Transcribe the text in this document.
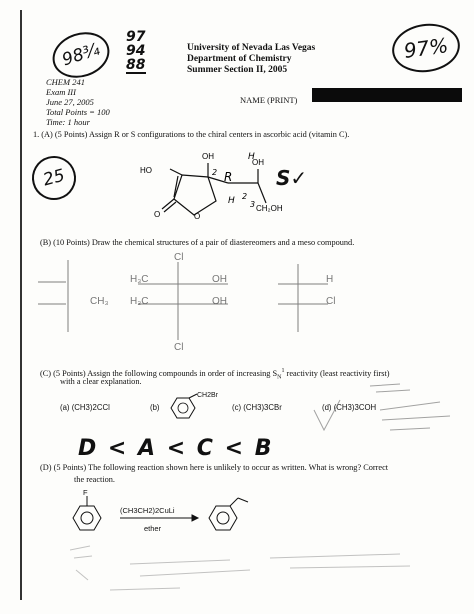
98¾
97
94
88
97%
University of Nevada Las Vegas
Department of Chemistry
Summer Section II, 2005
CHEM 241
Exam III
June 27, 2005
Total Points = 100
Time: 1 hour
NAME (PRINT)
1. (A) (5 Points) Assign R or S configurations to the chiral centers in ascorbic acid (vitamin C).
25	HO
OH
O	O
OH
CH₂OH
R
2
2
3
H
H
S✓
(B) (10 Points) Draw the chemical structures of a pair of diastereomers and a meso compound.
CH₃
H₃C
H₃C
OH
OH
Cl
Cl
H
Cl
(C) (5 Points) Assign the following compounds in order of increasing $S_N^1$ reactivity (least reactivity first)
with a clear explanation.
(a) (CH3)2CCl	(b)
CH2Br
(c) (CH3)3CBr	(d) (CH3)3COH
D < A < C < B
(D) (5 Points) The following reaction shown here is unlikely to occur as written. What is wrong? Correct
the reaction.
F
(CH3CH2)2CuLi
ether
